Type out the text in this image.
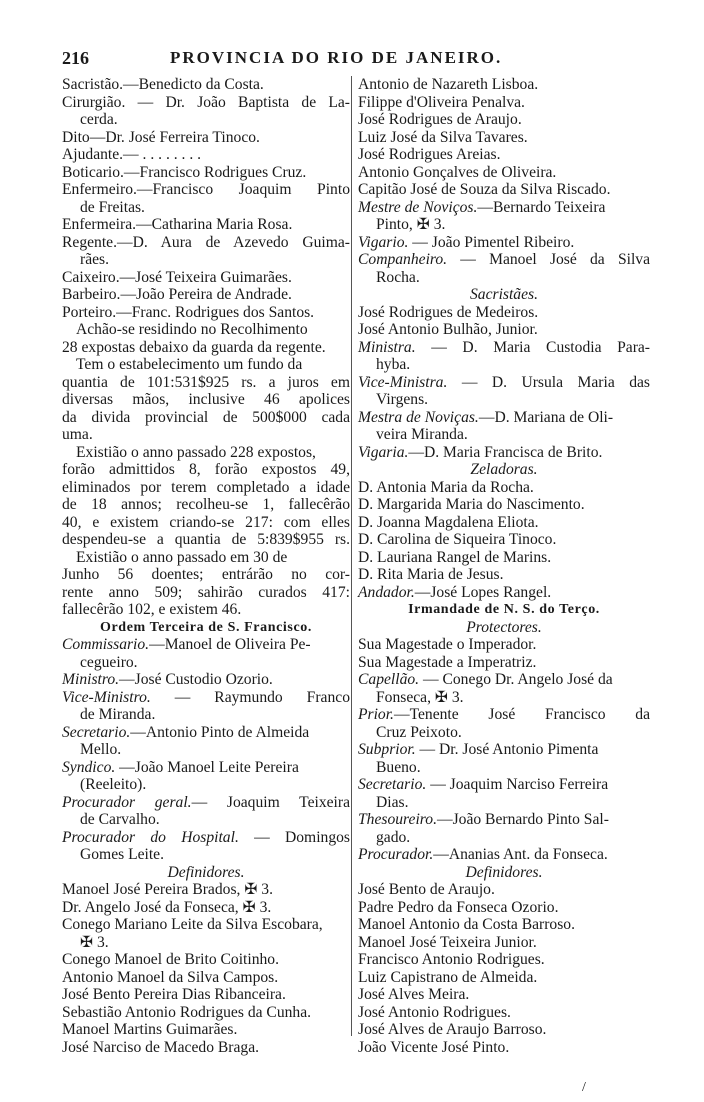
216	PROVINCIA DO RIO DE JANEIRO.
Sacristão.—Benedicto da Costa.
Cirurgião. — Dr. João Baptista de La-
cerda.
Dito—Dr. José Ferreira Tinoco.
Ajudante.— . . . . . . . .
Boticario.—Francisco Rodrigues Cruz.
Enfermeiro.—Francisco Joaquim Pinto
de Freitas.
Enfermeira.—Catharina Maria Rosa.
Regente.—D. Aura de Azevedo Guima-
rães.
Caixeiro.—José Teixeira Guimarães.
Barbeiro.—João Pereira de Andrade.
Porteiro.—Franc. Rodrigues dos Santos.
Achão-se residindo no Recolhimento
28 expostas debaixo da guarda da regente.
Tem o estabelecimento um fundo da
quantia de 101:531$925 rs. a juros em
diversas mãos, inclusive 46 apolices
da divida provincial de 500$000 cada
uma.
Existião o anno passado 228 expostos,
forão admittidos 8, forão expostos 49,
eliminados por terem completado a idade
de 18 annos; recolheu-se 1, fallecêrão
40, e existem criando-se 217: com elles
despendeu-se a quantia de 5:839$955 rs.
Existião o anno passado em 30 de
Junho 56 doentes; entrárão no cor-
rente anno 509; sahirão curados 417:
fallecêrão 102, e existem 46.
Ordem Terceira de S. Francisco.
Commissario.—Manoel de Oliveira Pe-
cegueiro.
Ministro.—José Custodio Ozorio.
Vice-Ministro. — Raymundo Franco
de Miranda.
Secretario.—Antonio Pinto de Almeida
Mello.
Syndico. —João Manoel Leite Pereira
(Reeleito).
Procurador geral.— Joaquim Teixeira
de Carvalho.
Procurador do Hospital. — Domingos
Gomes Leite.
Definidores.
Manoel José Pereira Brados, ✠ 3.
Dr. Angelo José da Fonseca, ✠ 3.
Conego Mariano Leite da Silva Escobara,
✠ 3.
Conego Manoel de Brito Coitinho.
Antonio Manoel da Silva Campos.
José Bento Pereira Dias Ribanceira.
Sebastião Antonio Rodrigues da Cunha.
Manoel Martins Guimarães.
José Narciso de Macedo Braga.
Antonio de Nazareth Lisboa.
Filippe d'Oliveira Penalva.
José Rodrigues de Araujo.
Luiz José da Silva Tavares.
José Rodrigues Areias.
Antonio Gonçalves de Oliveira.
Capitão José de Souza da Silva Riscado.
Mestre de Noviços.—Bernardo Teixeira
Pinto, ✠ 3.
Vigario. — João Pimentel Ribeiro.
Companheiro. — Manoel José da Silva
Rocha.
Sacristães.
José Rodrigues de Medeiros.
José Antonio Bulhão, Junior.
Ministra. — D. Maria Custodia Para-
hyba.
Vice-Ministra. — D. Ursula Maria das
Virgens.
Mestra de Noviças.—D. Mariana de Oli-
veira Miranda.
Vigaria.—D. Maria Francisca de Brito.
Zeladoras.
D. Antonia Maria da Rocha.
D. Margarida Maria do Nascimento.
D. Joanna Magdalena Eliota.
D. Carolina de Siqueira Tinoco.
D. Lauriana Rangel de Marins.
D. Rita Maria de Jesus.
Andador.—José Lopes Rangel.
Irmandade de N. S. do Terço.
Protectores.
Sua Magestade o Imperador.
Sua Magestade a Imperatriz.
Capellão. — Conego Dr. Angelo José da
Fonseca, ✠ 3.
Prior.—Tenente José Francisco da
Cruz Peixoto.
Subprior. — Dr. José Antonio Pimenta
Bueno.
Secretario. — Joaquim Narciso Ferreira
Dias.
Thesoureiro.—João Bernardo Pinto Sal-
gado.
Procurador.—Ananias Ant. da Fonseca.
Definidores.
José Bento de Araujo.
Padre Pedro da Fonseca Ozorio.
Manoel Antonio da Costa Barroso.
Manoel José Teixeira Junior.
Francisco Antonio Rodrigues.
Luiz Capistrano de Almeida.
José Alves Meira.
José Antonio Rodrigues.
José Alves de Araujo Barroso.
João Vicente José Pinto.
/
